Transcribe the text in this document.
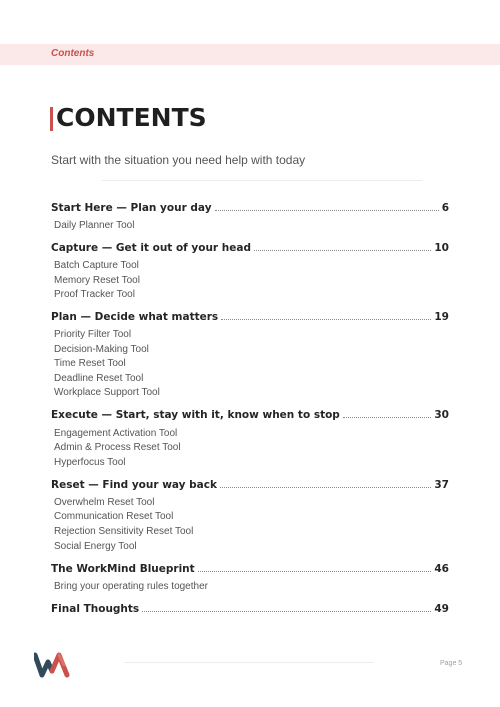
Contents
CONTENTS
Start with the situation you need help with today
Start Here — Plan your day	6
Daily Planner Tool
Capture — Get it out of your head	10
Batch Capture Tool
Memory Reset Tool
Proof Tracker Tool
Plan — Decide what matters	19
Priority Filter Tool
Decision-Making Tool
Time Reset Tool
Deadline Reset Tool
Workplace Support Tool
Execute — Start, stay with it, know when to stop	30
Engagement Activation Tool
Admin & Process Reset Tool
Hyperfocus Tool
Reset — Find your way back	37
Overwhelm Reset Tool
Communication Reset Tool
Rejection Sensitivity Reset Tool
Social Energy Tool
The WorkMind Blueprint	46
Bring your operating rules together
Final Thoughts	49
Page 5
